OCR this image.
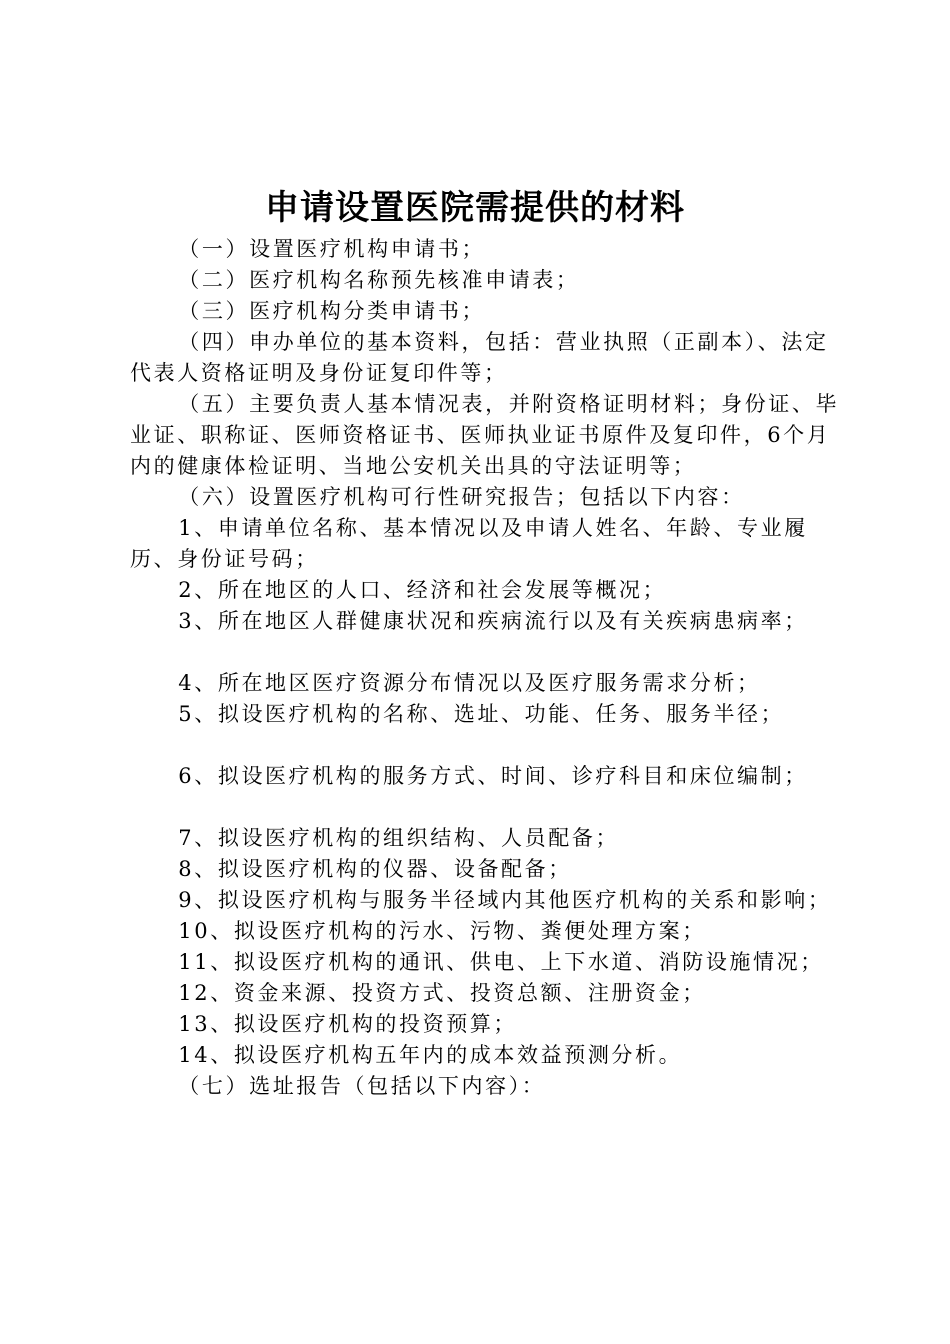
申请设置医院需提供的材料

（一）设置医疗机构申请书；

（二）医疗机构名称预先核准申请表；

（三）医疗机构分类申请书；

（四）申办单位的基本资料，包括：营业执照（正副本）、法定代表人资格证明及身份证复印件等；

（五）主要负责人基本情况表，并附资格证明材料；身份证、毕业证、职称证、医师资格证书、医师执业证书原件及复印件，6个月内的健康体检证明、当地公安机关出具的守法证明等；

（六）设置医疗机构可行性研究报告；包括以下内容：

1、申请单位名称、基本情况以及申请人姓名、年龄、专业履历、身份证号码；

2、所在地区的人口、经济和社会发展等概况；

3、所在地区人群健康状况和疾病流行以及有关疾病患病率；

4、所在地区医疗资源分布情况以及医疗服务需求分析；

5、拟设医疗机构的名称、选址、功能、任务、服务半径；

6、拟设医疗机构的服务方式、时间、诊疗科目和床位编制；

7、拟设医疗机构的组织结构、人员配备；

8、拟设医疗机构的仪器、设备配备；

9、拟设医疗机构与服务半径域内其他医疗机构的关系和影响；

10、拟设医疗机构的污水、污物、粪便处理方案；

11、拟设医疗机构的通讯、供电、上下水道、消防设施情况；

12、资金来源、投资方式、投资总额、注册资金；

13、拟设医疗机构的投资预算；

14、拟设医疗机构五年内的成本效益预测分析。

（七）选址报告（包括以下内容）：
